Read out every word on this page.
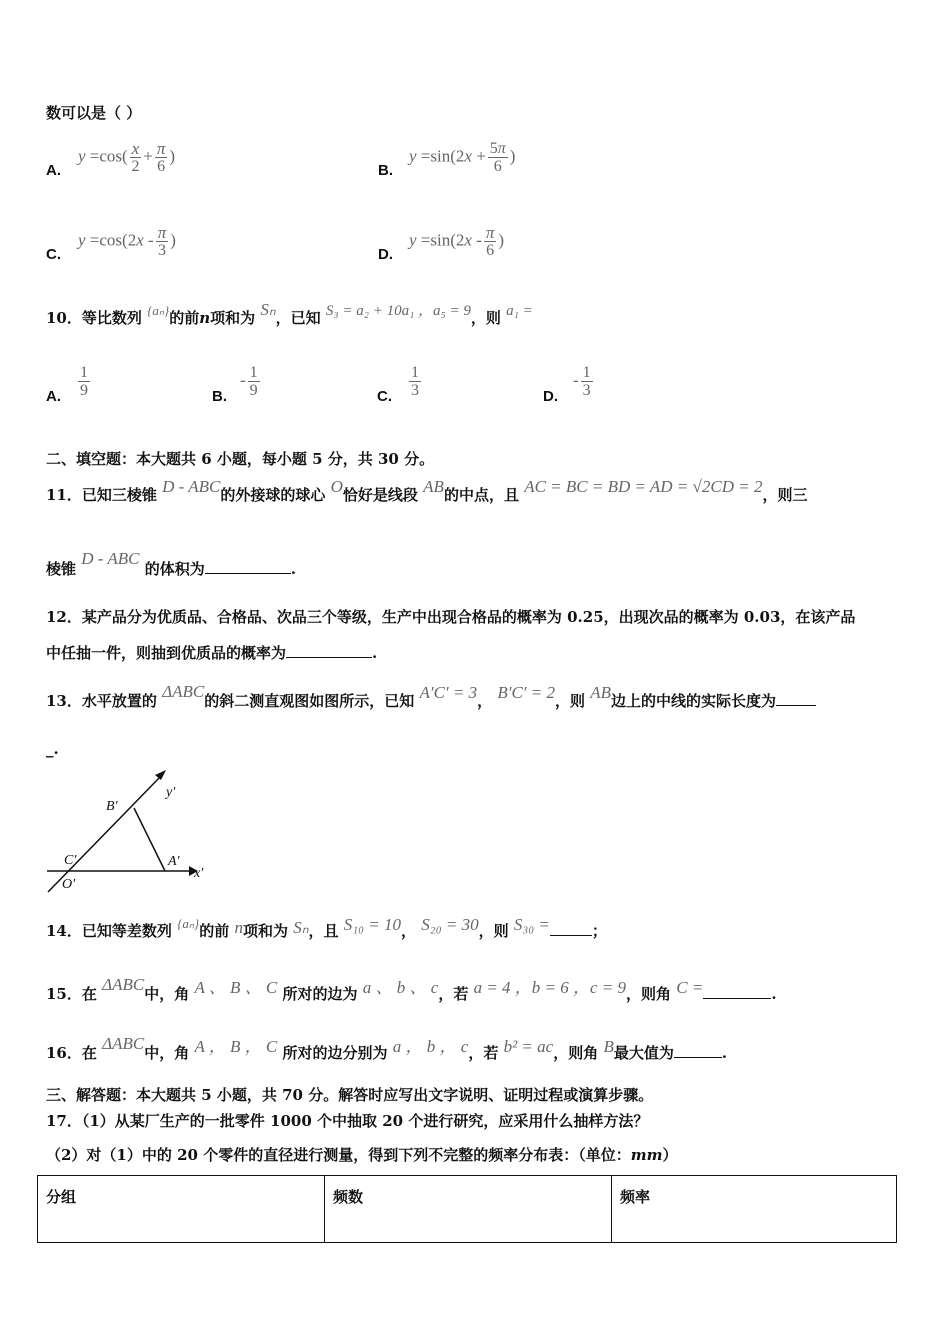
数可以是（ ）
A.
$y =\cos( \frac{x}{2} + \frac{\pi}{6}$ )
B.
$y =\sin(2x + \frac{5\pi}{6}$ )
C.
$y =\cos(2x - \frac{\pi}{3}$ )
D.
$y =\sin(2x - \frac{\pi}{6}$ )
10．等比数列 {aₙ}的前n项和为 Sₙ，已知 S₃ = a₂ + 10a₁ ，a₅ = 9，则 a₁ =
A. $\frac{1}{9}$	B.
- $\frac{1}{9}$	C. $\frac{1}{3}$	D.
- $\frac{1}{3}$
二、填空题：本大题共 6 小题，每小题 5 分，共 30 分。
11．已知三棱锥 D - ABC的外接球的球心 O恰好是线段 AB的中点，且 AC = BC = BD = AD = √2CD = 2，则三
棱锥 D - ABC 的体积为	.
12．某产品分为优质品、合格品、次品三个等级，生产中出现合格品的概率为 0.25，出现次品的概率为 0.03，在该产品
中任抽一件，则抽到优质品的概率为	.
13．水平放置的 ΔABC的斜二测直观图如图所示，已知 A′C′ = 3， B′C′ = 2，则 AB边上的中线的实际长度为
_.
B′
C′
O′
A′
x′
y′
14．已知等差数列 {aₙ}的前 n项和为 Sₙ，且 S₁₀ = 10， S₂₀ = 30，则 S₃₀ =	；
15．在 ΔABC中，角 A 、 B 、 C 所对的边为 a 、 b 、 c，若 a = 4 ，b = 6 ，c = 9，则角 C =	.
16．在 ΔABC中，角 A ， B ， C 所对的边分别为 a ， b ， c，若 b² = ac，则角 B最大值为	.
三、解答题：本大题共 5 小题，共 70 分。解答时应写出文字说明、证明过程或演算步骤。
17．（1）从某厂生产的一批零件 1000 个中抽取 20 个进行研究，应采用什么抽样方法？
（2）对（1）中的 20 个零件的直径进行测量，得到下列不完整的频率分布表：（单位：mm）
分组	频数	频率
